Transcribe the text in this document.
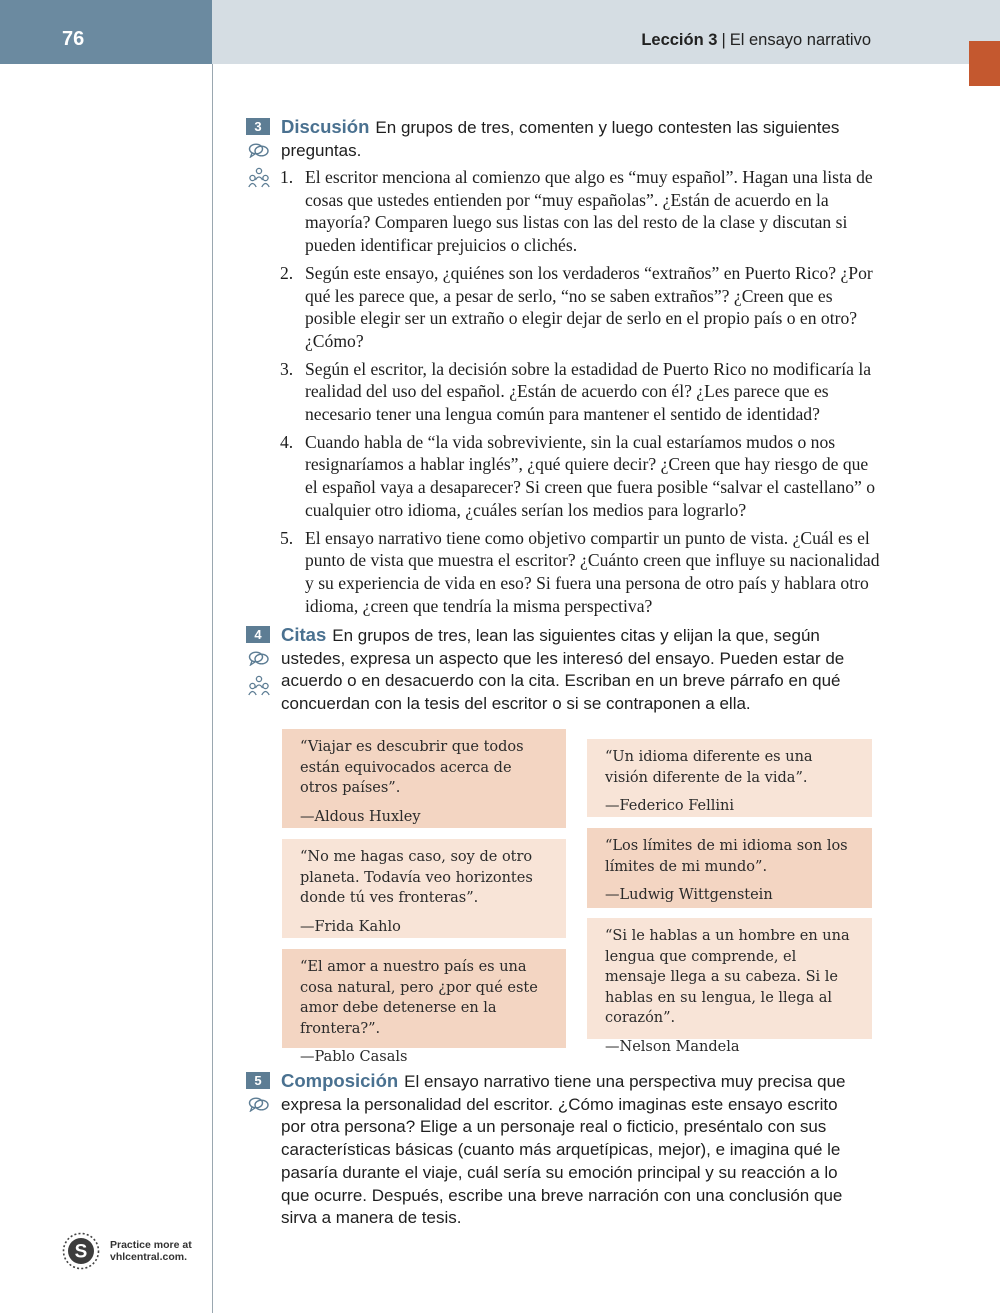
76	Lección 3 | El ensayo narrativo
3	Discusión En grupos de tres, comenten y luego contesten las siguientes
preguntas.
1. El escritor menciona al comienzo que algo es “muy español”. Hagan una lista de cosas que ustedes entienden por “muy españolas”. ¿Están de acuerdo en la mayoría? Comparen luego sus listas con las del resto de la clase y discutan si pueden identificar prejuicios o clichés.
2. Según este ensayo, ¿quiénes son los verdaderos “extraños” en Puerto Rico? ¿Por qué les parece que, a pesar de serlo, “no se saben extraños”? ¿Creen que es posible elegir ser un extraño o elegir dejar de serlo en el propio país o en otro? ¿Cómo?
3. Según el escritor, la decisión sobre la estadidad de Puerto Rico no modificaría la realidad del uso del español. ¿Están de acuerdo con él? ¿Les parece que es necesario tener una lengua común para mantener el sentido de identidad?
4. Cuando habla de “la vida sobreviviente, sin la cual estaríamos mudos o nos resignaríamos a hablar inglés”, ¿qué quiere decir? ¿Creen que hay riesgo de que el español vaya a desaparecer? Si creen que fuera posible “salvar el castellano” o cualquier otro idioma, ¿cuáles serían los medios para lograrlo?
5. El ensayo narrativo tiene como objetivo compartir un punto de vista. ¿Cuál es el punto de vista que muestra el escritor? ¿Cuánto creen que influye su nacionalidad y su experiencia de vida en eso? Si fuera una persona de otro país y hablara otro idioma, ¿creen que tendría la misma perspectiva?
4	Citas En grupos de tres, lean las siguientes citas y elijan la que, según ustedes, expresa un aspecto que les interesó del ensayo. Pueden estar de acuerdo o en desacuerdo con la cita. Escriban en un breve párrafo en qué concuerdan con la tesis del escritor o si se contraponen a ella.
“Viajar es descubrir que todos están equivocados acerca de otros países”.
—Aldous Huxley
“No me hagas caso, soy de otro planeta. Todavía veo horizontes donde tú ves fronteras”.
—Frida Kahlo
“El amor a nuestro país es una cosa natural, pero ¿por qué este amor debe detenerse en la frontera?”.
—Pablo Casals
“Un idioma diferente es una visión diferente de la vida”.
—Federico Fellini
“Los límites de mi idioma son los límites de mi mundo”.
—Ludwig Wittgenstein
“Si le hablas a un hombre en una lengua que comprende, el mensaje llega a su cabeza. Si le hablas en su lengua, le llega al corazón”.
—Nelson Mandela
5	Composición El ensayo narrativo tiene una perspectiva muy precisa que expresa la personalidad del escritor. ¿Cómo imaginas este ensayo escrito por otra persona? Elige a un personaje real o ficticio, preséntalo con sus características básicas (cuanto más arquetípicas, mejor), e imagina qué le pasaría durante el viaje, cuál sería su emoción principal y su reacción a lo que ocurre. Después, escribe una breve narración con una conclusión que sirva a manera de tesis.
S Practice more at
vhlcentral.com.
